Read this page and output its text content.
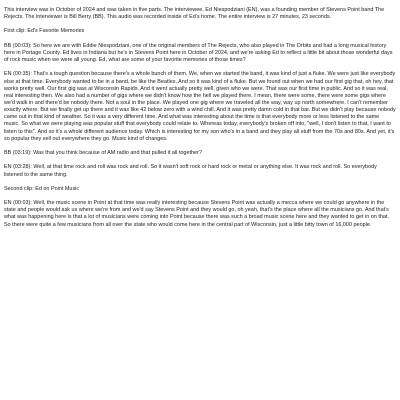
This interview was in October of 2024 and was taken in five parts. The interviewee, Ed Niespodziani (EN), was a founding member of Stevens Point band The Rejects. The interviewer is Bill Berry (BB). This audio was recorded inside of Ed's home. The entire interview is 27 minutes, 23 seconds.

First clip: Ed's Favorite Memories

BB (00:03): So here we are with Eddie Niespodziani, one of the original members of The Rejects, who also played in The Orbits and had a long musical history here in Portage County. Ed lives in Indiana but he's in Stevens Point here in October of 2024, and we're asking Ed to reflect a little bit about those wonderful days of rock music when we were all young. Ed, what are some of your favorite memories of those times?

EN (00:35): That's a tough question because there's a whole bunch of them. We, when we started the band, it was kind of just a fluke. We were just like everybody else at that time. Everybody wanted to be in a band, be like the Beatles. And so it was kind of a fluke. But we found out when we had our first gig that, oh hey, that works pretty well. Our first gig was at Wisconsin Rapids. And it went actually pretty well, given who we were. That was our first time in public. And so it was real, real interesting then. We also had a number of gigs where we didn't know how the hell we played there. I mean, there were some, there were some gigs where we'd walk in and there'd be nobody there. Not a soul in the place. We played one gig where we traveled all the way, way up north somewhere. I can't remember exactly where. But we finally get up there and it was like 42 below zero with a wind chill. And it was pretty damn cold in that bar. But we didn't play because nobody came out in that kind of weather. So it was a very different time. And what was interesting about the time is that everybody more or less listened to the same music. So what we were playing was popular stuff that everybody could relate to. Whereas today, everybody's broken off into, "well, I don't listen to that, I want to listen to this". And so it's a whole different audience today. Which is interesting for my son who's in a band and they play all stuff from the 70s and 80s. And yet, it's so popular they sell out everywhere they go. Music kind of changes.

BB (03:19): Was that you think because of AM radio and that pulled it all together?

EN (03:28): Well, at that time rock and roll was rock and roll. So it wasn't soft rock or hard rock or metal or anything else. It was rock and roll. So everybody listened to the same thing.

Second clip: Ed on Point Music

EN (00:03): Well, the music scene in Point at that time was really interesting because Stevens Point was actually a mecca where we could go anywhere in the state and people would ask us where we're from and we'd say Stevens Point and they would go, oh yeah, that's the place where all the musicians go. And that's what was happening here is that a lot of musicians were coming into Point because there was such a broad music scene here and they wanted to get in on that. So there were quite a few musicians from all over the state who would come here in the central part of Wisconsin, just a little bitty town of 16,000 people.
